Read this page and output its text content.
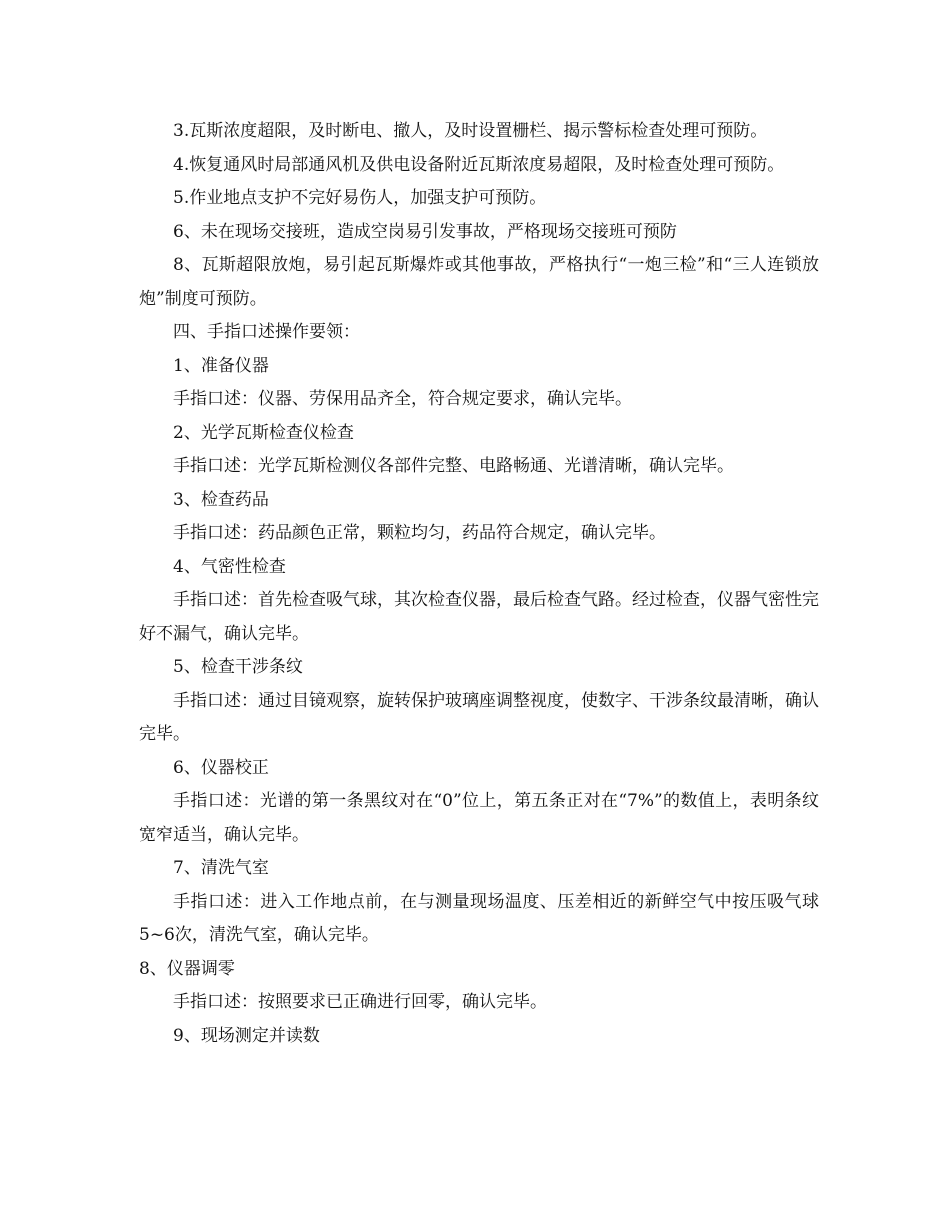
3.瓦斯浓度超限，及时断电、撤人，及时设置栅栏、揭示警标检查处理可预防。

4.恢复通风时局部通风机及供电设备附近瓦斯浓度易超限，及时检查处理可预防。

5.作业地点支护不完好易伤人，加强支护可预防。

6、未在现场交接班，造成空岗易引发事故，严格现场交接班可预防

8、瓦斯超限放炮，易引起瓦斯爆炸或其他事故，严格执行“一炮三检”和“三人连锁放炮”制度可预防。

四、手指口述操作要领：

1、准备仪器

手指口述：仪器、劳保用品齐全，符合规定要求，确认完毕。

2、光学瓦斯检查仪检查

手指口述：光学瓦斯检测仪各部件完整、电路畅通、光谱清晰，确认完毕。

3、检查药品

手指口述：药品颜色正常，颗粒均匀，药品符合规定，确认完毕。

4、气密性检查

手指口述：首先检查吸气球，其次检查仪器，最后检查气路。经过检查，仪器气密性完好不漏气，确认完毕。

5、检查干涉条纹

手指口述：通过目镜观察，旋转保护玻璃座调整视度，使数字、干涉条纹最清晰，确认完毕。

6、仪器校正

手指口述：光谱的第一条黑纹对在“0”位上，第五条正对在“7%”的数值上，表明条纹宽窄适当，确认完毕。

7、清洗气室

手指口述：进入工作地点前，在与测量现场温度、压差相近的新鲜空气中按压吸气球5~6次，清洗气室，确认完毕。

8、仪器调零

手指口述：按照要求已正确进行回零，确认完毕。

9、现场测定并读数
